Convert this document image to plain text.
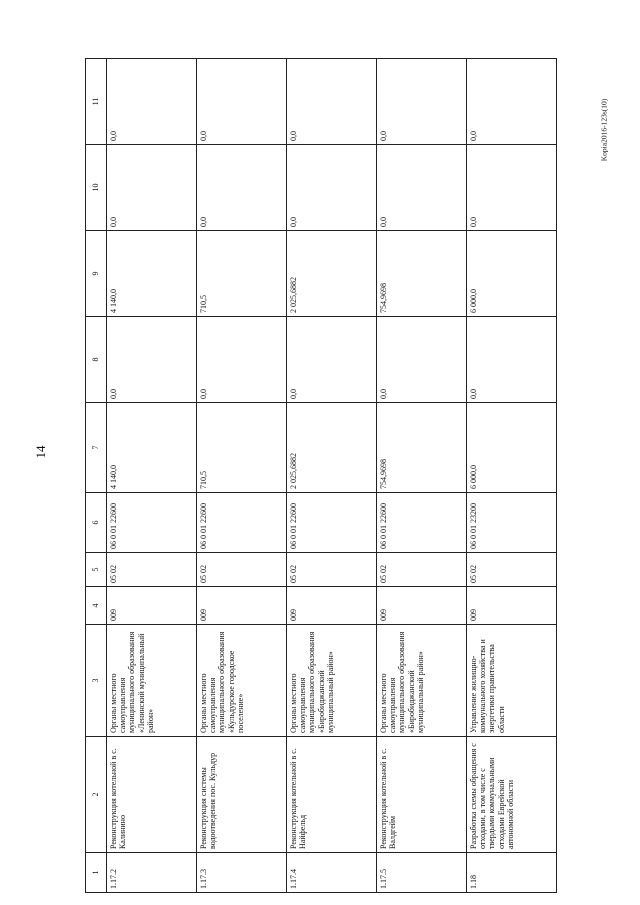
14
Kopia2016-123s(10)
1	2	3	4	5	6	7	8	9	10	11
1.17.2	Реконструкция котельной в с. Калинино	Органы местного самоуправления муниципального образования «Ленинский муниципальный район»	009	05 02	06 0 01 22600	4 140,0	0,0	4 140,0	0,0	0,0
1.17.3	Реконструкция системы водоотведения пос. Кульдур	Органы местного самоуправления муниципального образования «Кульдурское городское поселение»	009	05 02	06 0 01 22600	710,5	0,0	710,5	0,0	0,0
1.17.4	Реконструкция котельной в с. Найфельд	Органы местного самоуправления муниципального образования «Биробиджанский муниципальный район»	009	05 02	06 0 01 22600	2 025,6882	0,0	2 025,6882	0,0	0,0
1.17.5	Реконструкция котельной в с. Валдгейм	Органы местного самоуправления муниципального образования «Биробиджанский муниципальный район»	009	05 02	06 0 01 22600	754,9698	0,0	754,9698	0,0	0,0
1.18	Разработка схемы обращения с отходами, в том числе с твердыми коммунальными отходами Еврейской автономной области	Управление жилищно-коммунального хозяйства и энергетики правительства области	009	05 02	06 0 01 23200	6 000,0	0,0	6 000,0	0,0	0,0
